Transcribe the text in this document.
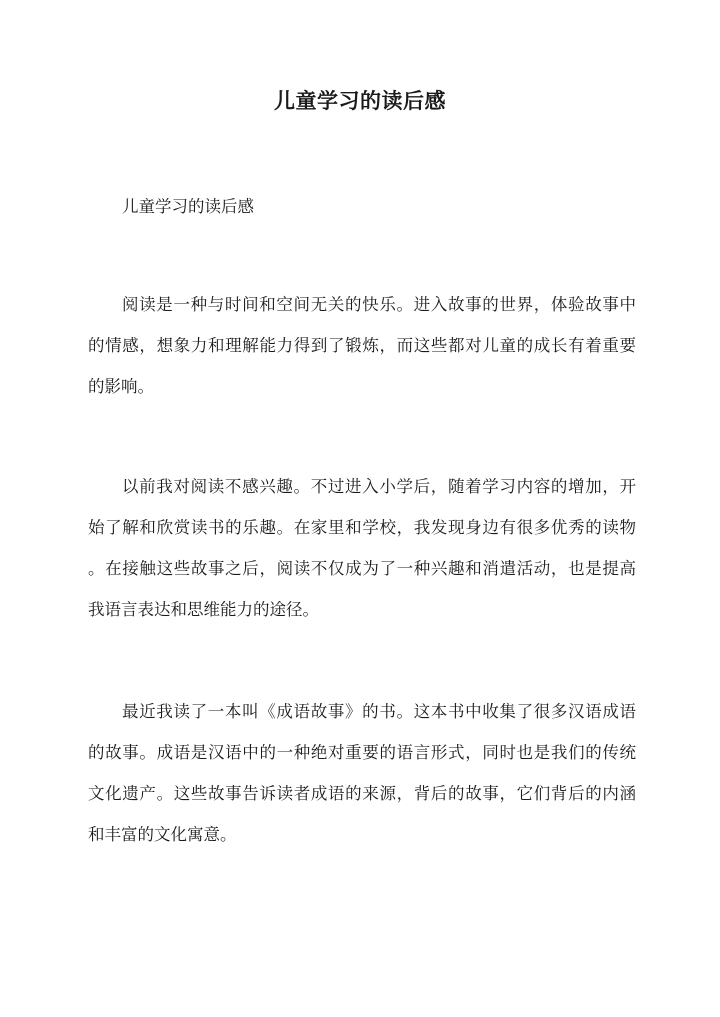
儿童学习的读后感

儿童学习的读后感

阅读是一种与时间和空间无关的快乐。进入故事的世界，体验故事中
的情感，想象力和理解能力得到了锻炼，而这些都对儿童的成长有着重要
的影响。
以前我对阅读不感兴趣。不过进入小学后，随着学习内容的增加，开
始了解和欣赏读书的乐趣。在家里和学校，我发现身边有很多优秀的读物
。在接触这些故事之后，阅读不仅成为了一种兴趣和消遣活动，也是提高
我语言表达和思维能力的途径。
最近我读了一本叫《成语故事》的书。这本书中收集了很多汉语成语
的故事。成语是汉语中的一种绝对重要的语言形式，同时也是我们的传统
文化遗产。这些故事告诉读者成语的来源，背后的故事，它们背后的内涵
和丰富的文化寓意。
